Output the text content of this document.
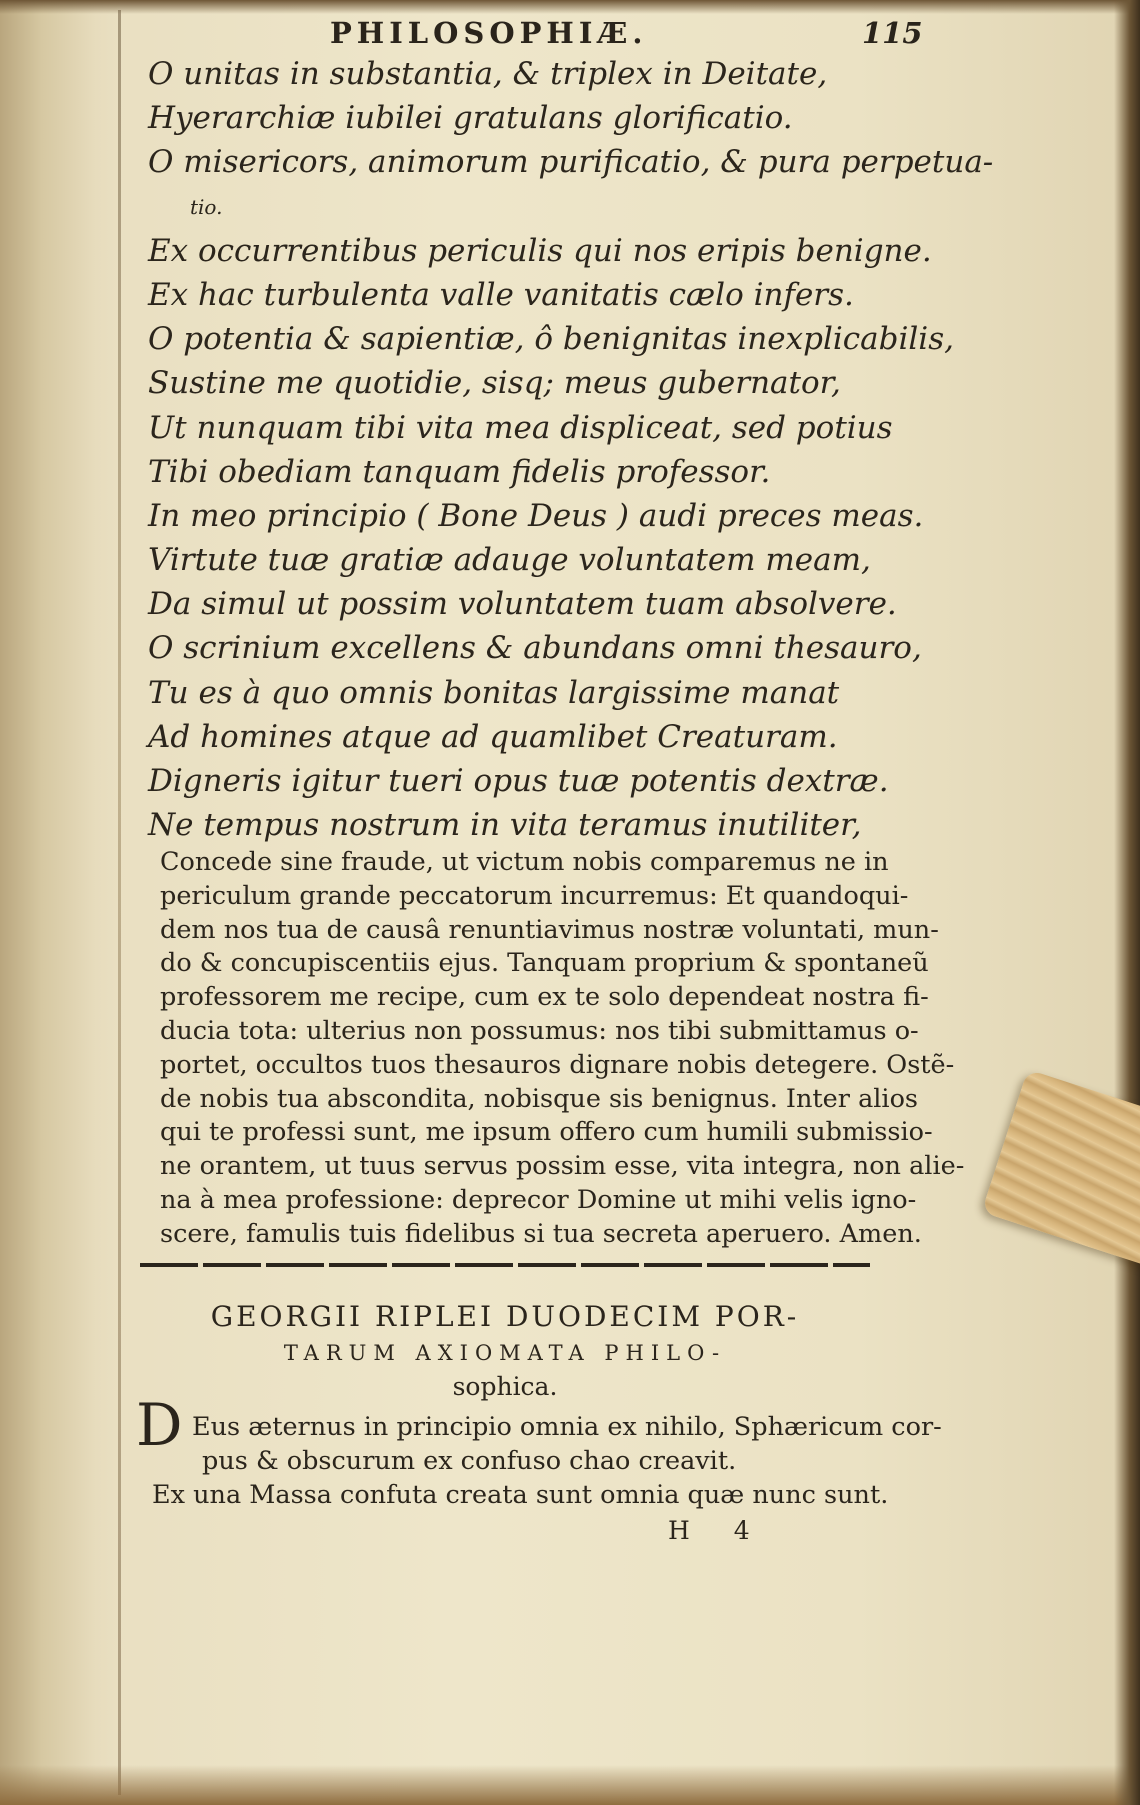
PHILOSOPHIÆ.	115
O unitas in substantia, & triplex in Deitate,
Hyerarchiæ iubilei gratulans glorificatio.
O misericors, animorum purificatio, & pura perpetua-
tio.
Ex occurrentibus periculis qui nos eripis benigne.
Ex hac turbulenta valle vanitatis cælo infers.
O potentia & sapientiæ, ô benignitas inexplicabilis,
Sustine me quotidie, sisq; meus gubernator,
Ut nunquam tibi vita mea displiceat, sed potius
Tibi obediam tanquam fidelis professor.
In meo principio ( Bone Deus ) audi preces meas.
Virtute tuæ gratiæ adauge voluntatem meam,
Da simul ut possim voluntatem tuam absolvere.
O scrinium excellens & abundans omni thesauro,
Tu es à quo omnis bonitas largissime manat
Ad homines atque ad quamlibet Creaturam.
Digneris igitur tueri opus tuæ potentis dextræ.
Ne tempus nostrum in vita teramus inutiliter,

Concede sine fraude, ut victum nobis comparemus ne in
periculum grande peccatorum incurremus: Et quandoqui-
dem nos tua de causâ renuntiavimus nostræ voluntati, mun-
do & concupiscentiis ejus. Tanquam proprium & spontaneũ
professorem me recipe, cum ex te solo dependeat nostra fi-
ducia tota: ulterius non possumus: nos tibi submittamus o-
portet, occultos tuos thesauros dignare nobis detegere. Ostẽ-
de nobis tua abscondita, nobisque sis benignus. Inter alios
qui te professi sunt, me ipsum offero cum humili submissio-
ne orantem, ut tuus servus possim esse, vita integra, non alie-
na à mea professione: deprecor Domine ut mihi velis igno-
scere, famulis tuis fidelibus si tua secreta aperuero. Amen.

GEORGII RIPLEI DUODECIM POR-
TARUM AXIOMATA PHILO-
sophica.
D Eus æternus in principio omnia ex nihilo, Sphæricum cor-
pus & obscurum ex confuso chao creavit.
Ex una Massa confuta creata sunt omnia quæ nunc sunt.
H 4
